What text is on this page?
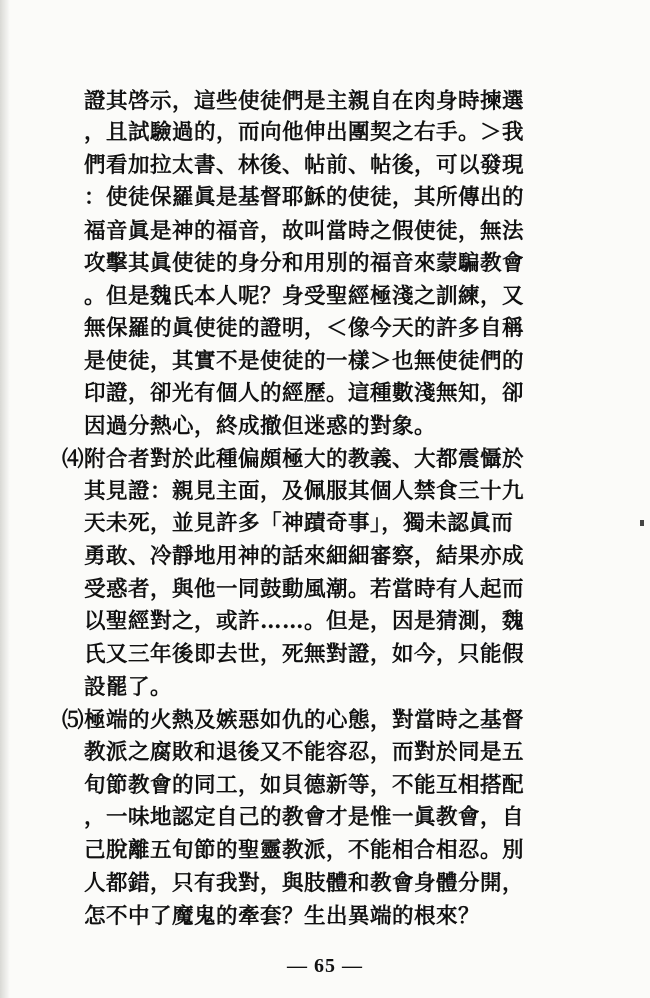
證其啓示，這些使徒們是主親自在肉身時揀選
，且試驗過的，而向他伸出團契之右手。＞我
們看加拉太書、林後、帖前、帖後，可以發現
：使徒保羅眞是基督耶穌的使徒，其所傳出的
福音眞是神的福音，故叫當時之假使徒，無法
攻擊其眞使徒的身分和用別的福音來蒙騙教會
。但是魏氏本人呢？身受聖經極淺之訓練，又
無保羅的眞使徒的證明，＜像今天的許多自稱
是使徒，其實不是使徒的一樣＞也無使徒們的
印證，卻光有個人的經歷。這種數淺無知，卻
因過分熱心，終成撤但迷惑的對象。
⑷附合者對於此種偏頗極大的教義、大都震懾於
其見證：親見主面，及佩服其個人禁食三十九
天未死，並見許多「神蹟奇事」，獨未認眞而
勇敢、冷靜地用神的話來細細審察，結果亦成
受惑者，與他一同鼓動風潮。若當時有人起而
以聖經對之，或許……。但是，因是猜測，魏
氏又三年後即去世，死無對證，如今，只能假
設罷了。
⑸極端的火熱及嫉惡如仇的心態，對當時之基督
教派之腐敗和退後又不能容忍，而對於同是五
旬節教會的同工，如貝德新等，不能互相搭配
，一味地認定自己的教會才是惟一眞教會，自
己脫離五旬節的聖靈教派，不能相合相忍。別
人都錯，只有我對，與肢體和教會身體分開，
怎不中了魔鬼的牽套？生出異端的根來？
— 65 —
